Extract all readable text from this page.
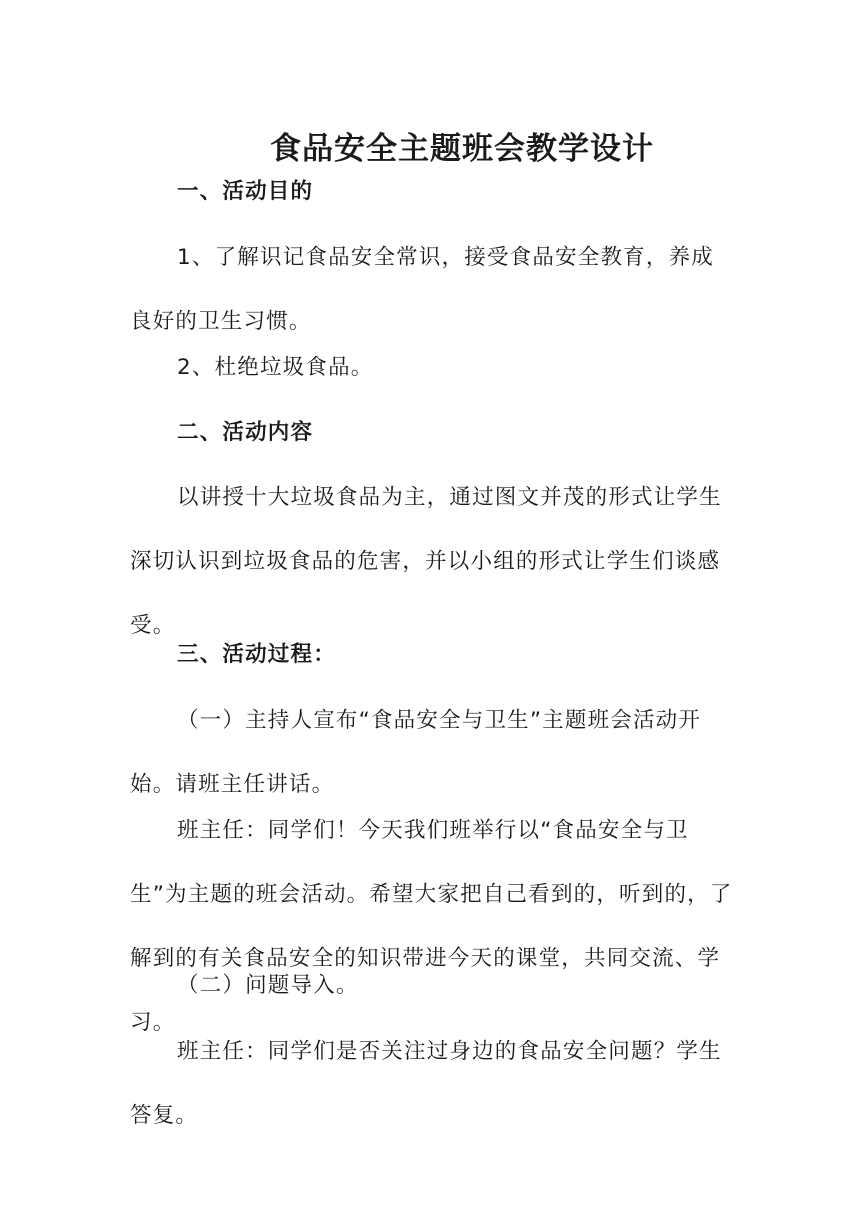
食品安全主题班会教学设计

一、活动目的

1、了解识记食品安全常识，接受食品安全教育，养成良好的卫生习惯。

2、杜绝垃圾食品。

二、活动内容

以讲授十大垃圾食品为主，通过图文并茂的形式让学生深切认识到垃圾食品的危害，并以小组的形式让学生们谈感受。

三、活动过程：

（一）主持人宣布“食品安全与卫生”主题班会活动开始。请班主任讲话。

班主任：同学们！今天我们班举行以“食品安全与卫生”为主题的班会活动。希望大家把自己看到的，听到的，了解到的有关食品安全的知识带进今天的课堂，共同交流、学习。

（二）问题导入。

班主任：同学们是否关注过身边的食品安全问题？学生答复。
